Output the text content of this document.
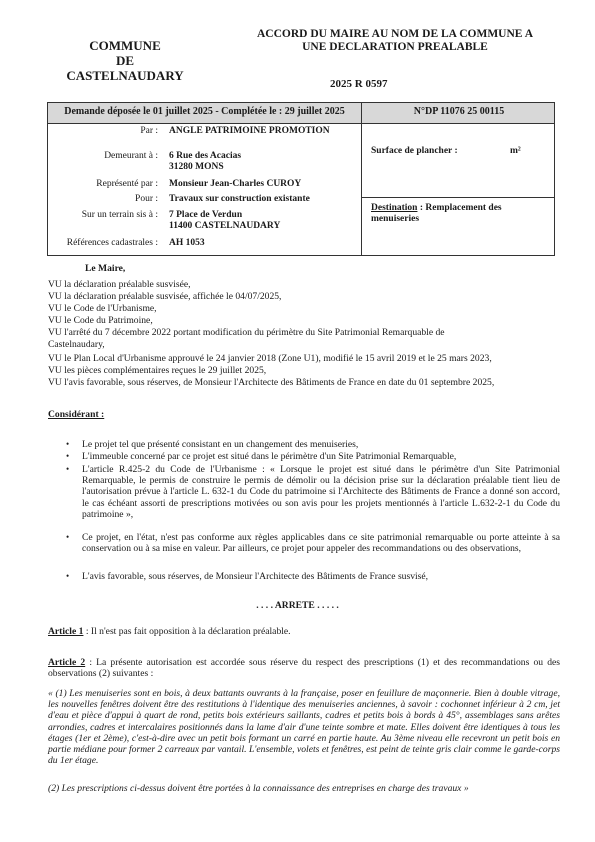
COMMUNE
DE
CASTELNAUDARY
ACCORD DU MAIRE AU NOM DE LA COMMUNE A
UNE DECLARATION PREALABLE
2025 R 0597
Demande déposée le 01 juillet 2025 - Complétée le : 29 juillet 2025	N°DP 11076 25 00115
Par : ANGLE PATRIMOINE PROMOTION
Demeurant à : 6 Rue des Acacias
31280 MONS
Représenté par : Monsieur Jean-Charles CUROY
Pour : Travaux sur construction existante
Sur un terrain sis à : 7 Place de Verdun
11400 CASTELNAUDARY
Références cadastrales : AH 1053
Surface de plancher :	m²
Destination : Remplacement des
menuiseries
Le Maire,
VU la déclaration préalable susvisée,
VU la déclaration préalable susvisée, affichée le 04/07/2025,
VU le Code de l'Urbanisme,
VU le Code du Patrimoine,
VU l'arrêté du 7 décembre 2022 portant modification du périmètre du Site Patrimonial Remarquable de
Castelnaudary,
VU le Plan Local d'Urbanisme approuvé le 24 janvier 2018 (Zone U1), modifié le 15 avril 2019 et le 25 mars 2023,
VU les pièces complémentaires reçues le 29 juillet 2025,
VU l'avis favorable, sous réserves, de Monsieur l'Architecte des Bâtiments de France en date du 01 septembre 2025,
Considérant :
• Le projet tel que présenté consistant en un changement des menuiseries,
• L'immeuble concerné par ce projet est situé dans le périmètre d'un Site Patrimonial Remarquable,
• L'article R.425-2 du Code de l'Urbanisme : « Lorsque le projet est situé dans le périmètre d'un Site Patrimonial Remarquable, le permis de construire le permis de démolir ou la décision prise sur la déclaration préalable tient lieu de l'autorisation prévue à l'article L. 632-1 du Code du patrimoine si l'Architecte des Bâtiments de France a donné son accord, le cas échéant assorti de prescriptions motivées ou son avis pour les projets mentionnés à l'article L.632-2-1 du Code du patrimoine »,
• Ce projet, en l'état, n'est pas conforme aux règles applicables dans ce site patrimonial remarquable ou porte atteinte à sa conservation ou à sa mise en valeur. Par ailleurs, ce projet pour appeler des recommandations ou des observations,
• L'avis favorable, sous réserves, de Monsieur l'Architecte des Bâtiments de France susvisé,
. . . . ARRETE . . . . .
Article 1 : Il n'est pas fait opposition à la déclaration préalable.
Article 2 : La présente autorisation est accordée sous réserve du respect des prescriptions (1) et des recommandations ou des observations (2) suivantes :
« (1) Les menuiseries sont en bois, à deux battants ouvrants à la française, poser en feuillure de maçonnerie. Bien à double vitrage, les nouvelles fenêtres doivent être des restitutions à l'identique des menuiseries anciennes, à savoir : cochonnet inférieur à 2 cm, jet d'eau et pièce d'appui à quart de rond, petits bois extérieurs saillants, cadres et petits bois à bords à 45°, assemblages sans arêtes arrondies, cadres et intercalaires positionnés dans la lame d'air d'une teinte sombre et mate. Elles doivent être identiques à tous les étages (1er et 2ème), c'est-à-dire avec un petit bois formant un carré en partie haute. Au 3ème niveau elle recevront un petit bois en partie médiane pour former 2 carreaux par vantail. L'ensemble, volets et fenêtres, est peint de teinte gris clair comme le garde-corps du 1er étage.
(2) Les prescriptions ci-dessus doivent être portées à la connaissance des entreprises en charge des travaux »
